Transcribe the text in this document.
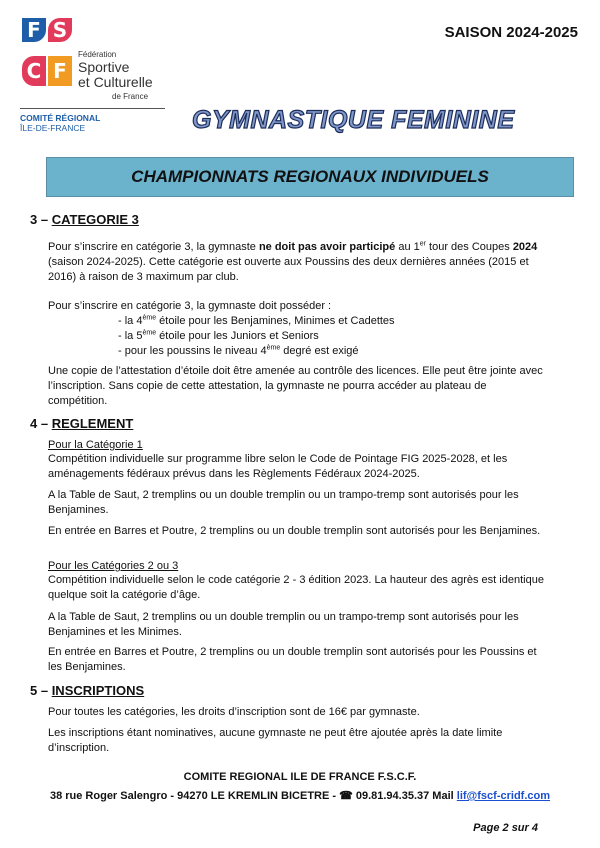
F S
C F
Fédération
Sportive
et Culturelle
de France
COMITÉ RÉGIONAL
ÎLE-DE-FRANCE
SAISON 2024-2025
GYMNASTIQUE FEMININE
CHAMPIONNATS REGIONAUX INDIVIDUELS
3 – CATEGORIE 3
Pour s’inscrire en catégorie 3, la gymnaste ne doit pas avoir participé au 1er tour des Coupes 2024 (saison 2024-2025). Cette catégorie est ouverte aux Poussins des deux dernières années (2015 et 2016) à raison de 3 maximum par club.
Pour s’inscrire en catégorie 3, la gymnaste doit posséder :
- la 4ème étoile pour les Benjamines, Minimes et Cadettes
- la 5ème étoile pour les Juniors et Seniors
- pour les poussins le niveau 4ème degré est exigé
Une copie de l’attestation d’étoile doit être amenée au contrôle des licences. Elle peut être jointe avec l’inscription. Sans copie de cette attestation, la gymnaste ne pourra accéder au plateau de compétition.
4 – REGLEMENT
Pour la Catégorie 1
Compétition individuelle sur programme libre selon le Code de Pointage FIG 2025-2028, et les aménagements fédéraux prévus dans les Règlements Fédéraux 2024-2025.
A la Table de Saut, 2 tremplins ou un double tremplin ou un trampo-tremp sont autorisés pour les Benjamines.
En entrée en Barres et Poutre, 2 tremplins ou un double tremplin sont autorisés pour les Benjamines.
Pour les Catégories 2 ou 3
Compétition individuelle selon le code catégorie 2 - 3 édition 2023. La hauteur des agrès est identique quelque soit la catégorie d’âge.
A la Table de Saut, 2 tremplins ou un double tremplin ou un trampo-tremp sont autorisés pour les Benjamines et les Minimes.
En entrée en Barres et Poutre, 2 tremplins ou un double tremplin sont autorisés pour les Poussins et les Benjamines.
5 – INSCRIPTIONS
Pour toutes les catégories, les droits d’inscription sont de 16€ par gymnaste.
Les inscriptions étant nominatives, aucune gymnaste ne peut être ajoutée après la date limite d’inscription.
COMITE REGIONAL ILE DE FRANCE F.S.C.F.
38 rue Roger Salengro - 94270 LE KREMLIN BICETRE - ☎ 09.81.94.35.37 Mail lif@fscf-cridf.com
Page 2 sur 4
